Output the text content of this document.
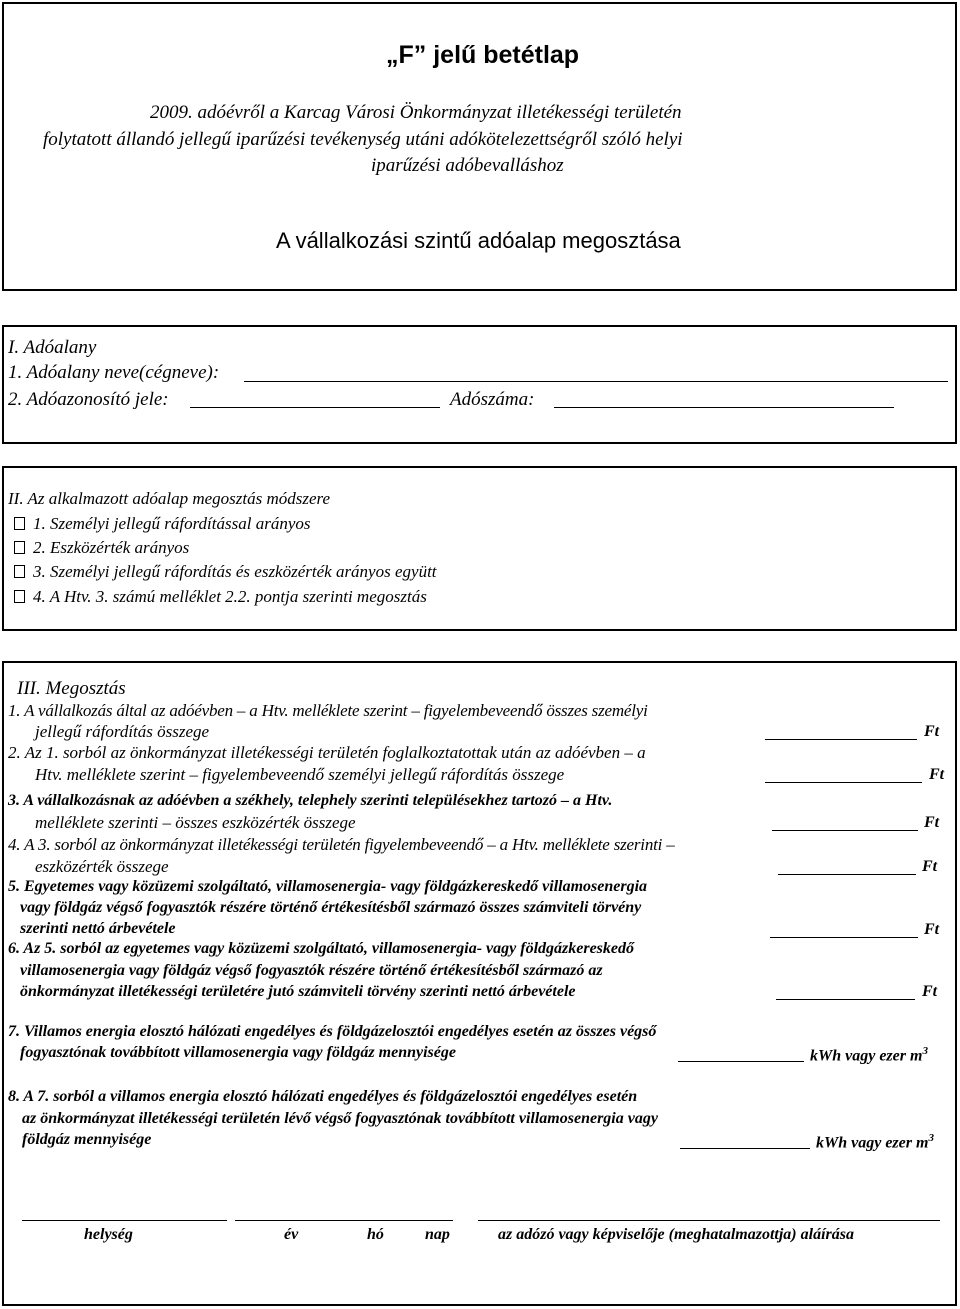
„F” jelű betétlap
2009. adóévről a Karcag Városi Önkormányzat illetékességi területén
folytatott állandó jellegű iparűzési tevékenység utáni adókötelezettségről szóló helyi
iparűzési adóbevalláshoz
A vállalkozási szintű adóalap megosztása
I. Adóalany
1. Adóalany neve(cégneve):
2. Adóazonosító jele:	Adószáma:
II. Az alkalmazott adóalap megosztás módszere
1. Személyi jellegű ráfordítással arányos
2. Eszközérték arányos
3. Személyi jellegű ráfordítás és eszközérték arányos együtt
4. A Htv. 3. számú melléklet 2.2. pontja szerinti megosztás
III. Megosztás
1. A vállalkozás által az adóévben – a Htv. melléklete szerint – figyelembeveendő összes személyi
jellegű ráfordítás összege	Ft
2. Az 1. sorból az önkormányzat illetékességi területén foglalkoztatottak után az adóévben – a
Htv. melléklete szerint – figyelembeveendő személyi jellegű ráfordítás összege	Ft
3. A vállalkozásnak az adóévben a székhely, telephely szerinti településekhez tartozó – a Htv.
melléklete szerinti – összes eszközérték összege	Ft
4. A 3. sorból az önkormányzat illetékességi területén figyelembeveendő – a Htv. melléklete szerinti –
eszközérték összege	Ft
5. Egyetemes vagy közüzemi szolgáltató, villamosenergia- vagy földgázkereskedő villamosenergia
vagy földgáz végső fogyasztók részére történő értékesítésből származó összes számviteli törvény
szerinti nettó árbevétele	Ft
6. Az 5. sorból az egyetemes vagy közüzemi szolgáltató, villamosenergia- vagy földgázkereskedő
villamosenergia vagy földgáz végső fogyasztók részére történő értékesítésből származó az
önkormányzat illetékességi területére jutó számviteli törvény szerinti nettó árbevétele	Ft
7. Villamos energia elosztó hálózati engedélyes és földgázelosztói engedélyes esetén az összes végső
fogyasztónak továbbított villamosenergia vagy földgáz mennyisége	kWh vagy ezer $m^3$
8. A 7. sorból a villamos energia elosztó hálózati engedélyes és földgázelosztói engedélyes esetén
az önkormányzat illetékességi területén lévő végső fogyasztónak továbbított villamosenergia vagy
földgáz mennyisége	kWh vagy ezer $m^3$
helység	év	hó	nap	az adózó vagy képviselője (meghatalmazottja) aláírása
